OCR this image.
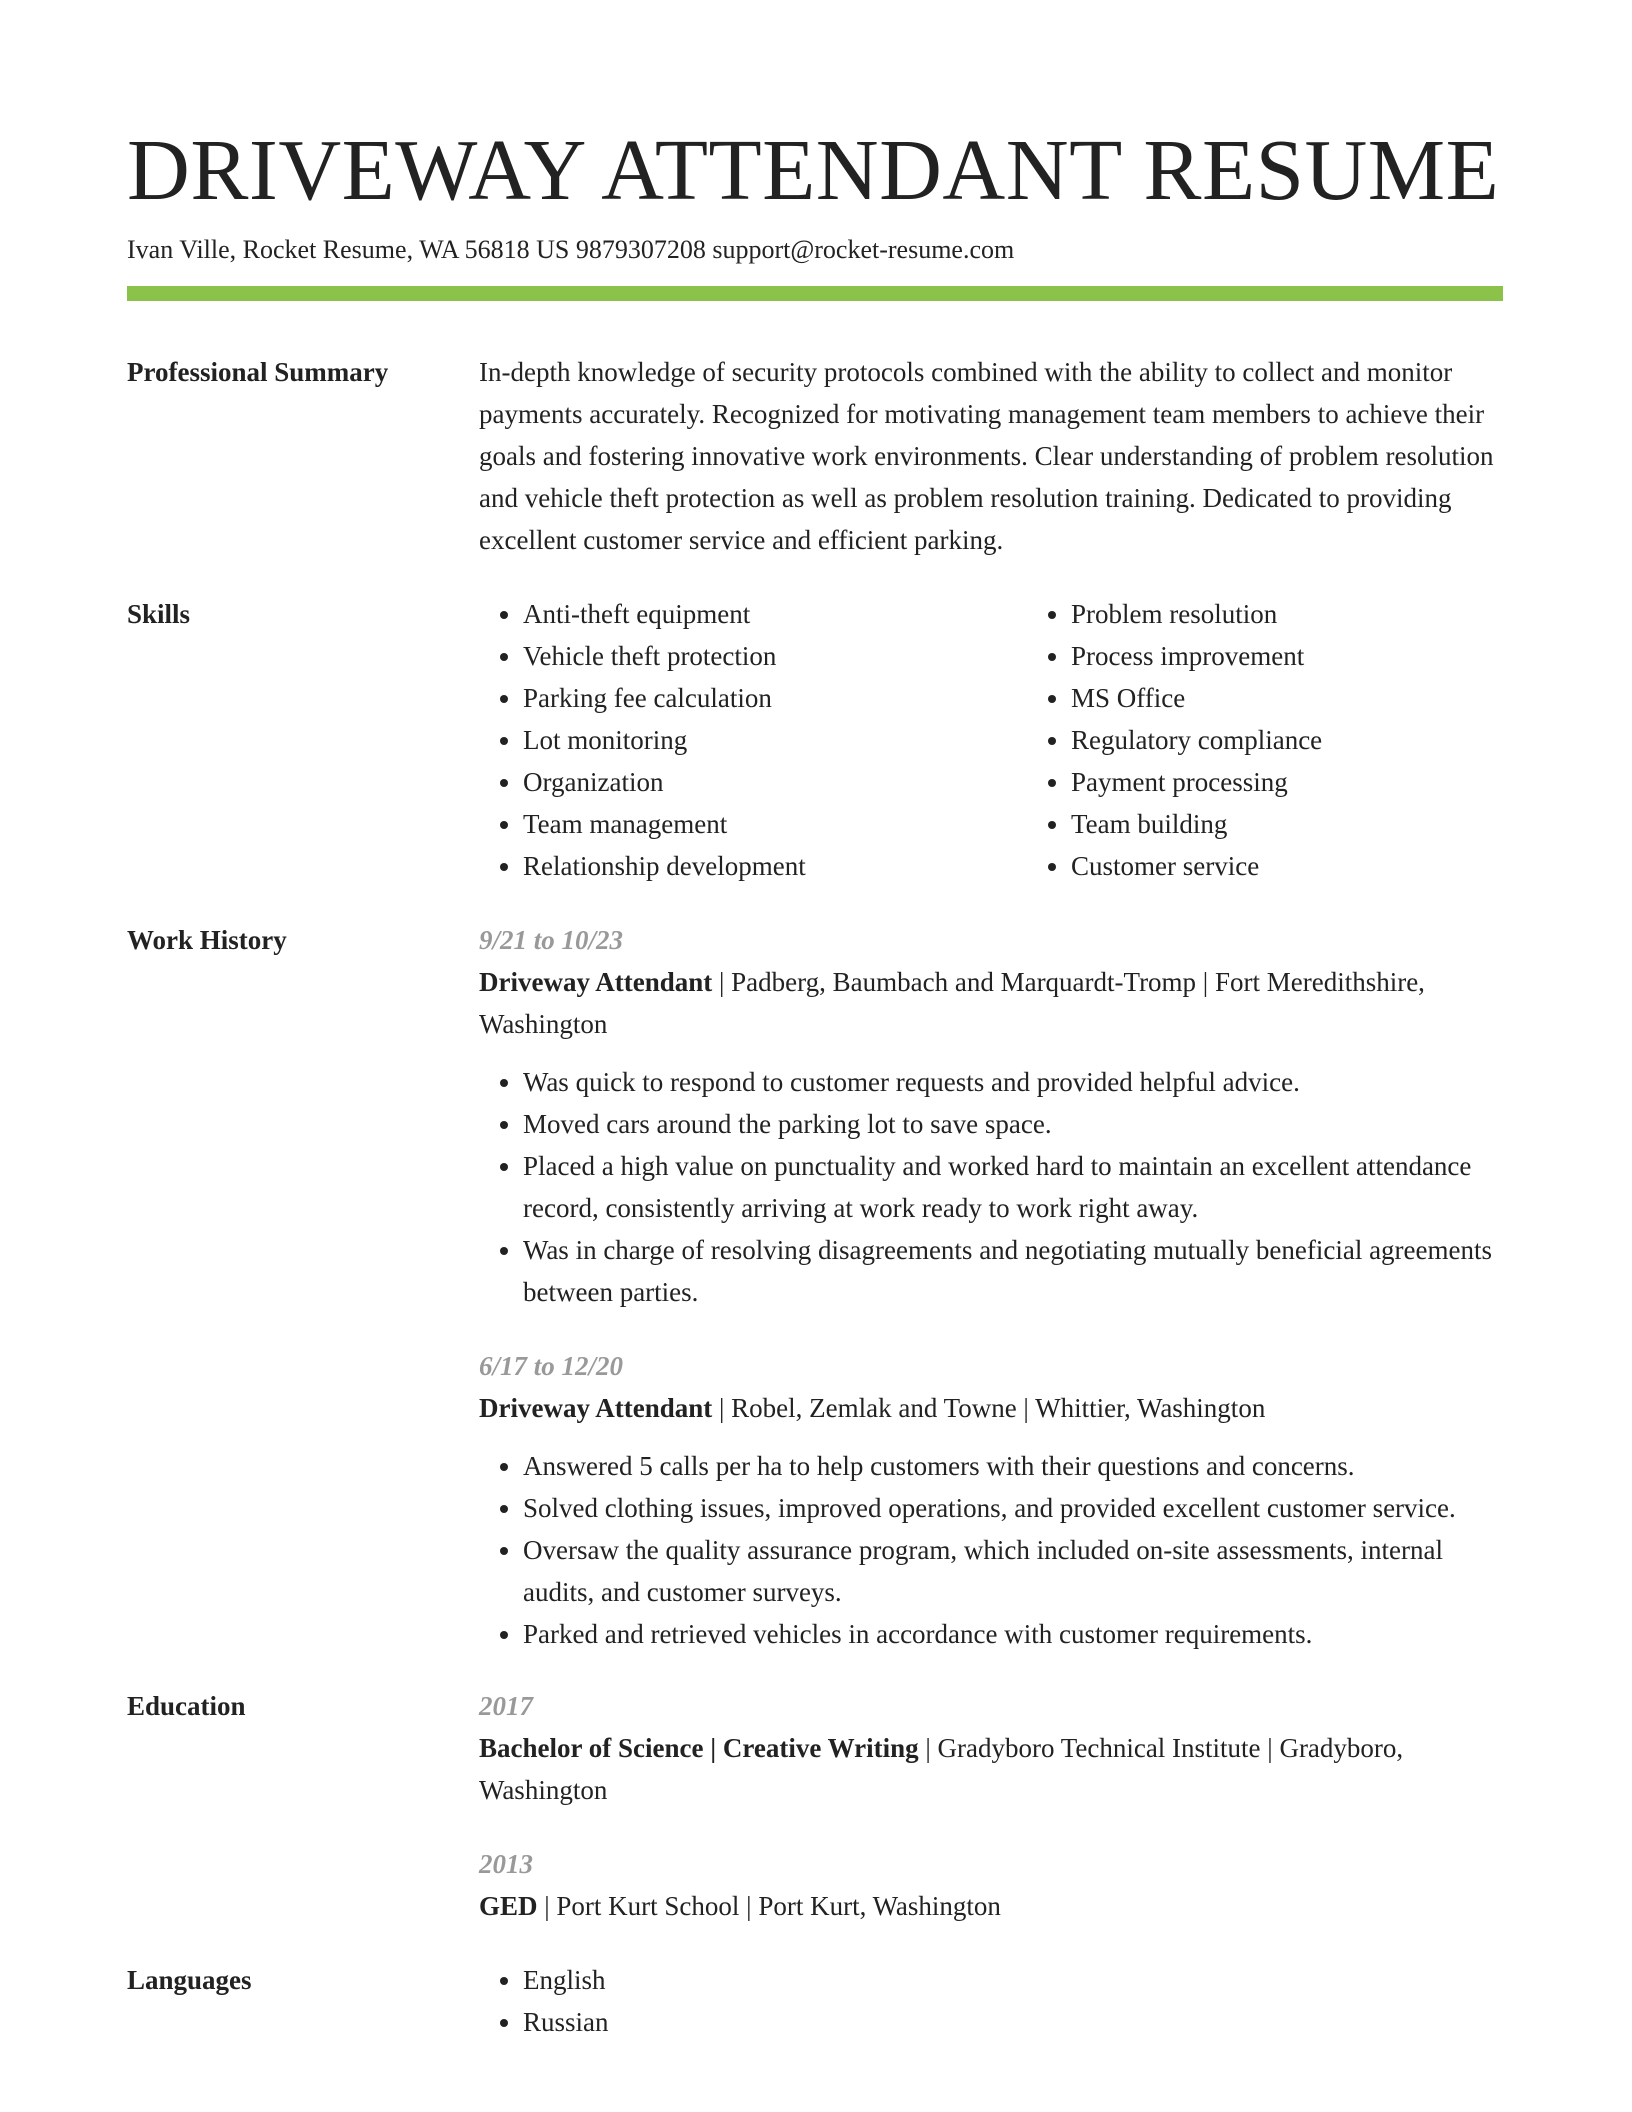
DRIVEWAY ATTENDANT RESUME
Ivan Ville, Rocket Resume, WA 56818 US 9879307208 support@rocket-resume.com
Professional Summary	In-depth knowledge of security protocols combined with the ability to collect and monitor payments accurately. Recognized for motivating management team members to achieve their goals and fostering innovative work environments. Clear understanding of problem resolution and vehicle theft protection as well as problem resolution training. Dedicated to providing excellent customer service and efficient parking.
Skills	• Anti-theft equipment
• Vehicle theft protection
• Parking fee calculation
• Lot monitoring
• Organization
• Team management
• Relationship development
• Problem resolution
• Process improvement
• MS Office
• Regulatory compliance
• Payment processing
• Team building
• Customer service
Work History	9/21 to 10/23
Driveway Attendant | Padberg, Baumbach and Marquardt-Tromp | Fort Meredithshire, Washington
• Was quick to respond to customer requests and provided helpful advice.
• Moved cars around the parking lot to save space.
• Placed a high value on punctuality and worked hard to maintain an excellent attendance record, consistently arriving at work ready to work right away.
• Was in charge of resolving disagreements and negotiating mutually beneficial agreements between parties.
6/17 to 12/20
Driveway Attendant | Robel, Zemlak and Towne | Whittier, Washington
• Answered 5 calls per ha to help customers with their questions and concerns.
• Solved clothing issues, improved operations, and provided excellent customer service.
• Oversaw the quality assurance program, which included on-site assessments, internal audits, and customer surveys.
• Parked and retrieved vehicles in accordance with customer requirements.
Education	2017
Bachelor of Science | Creative Writing | Gradyboro Technical Institute | Gradyboro, Washington
2013
GED | Port Kurt School | Port Kurt, Washington
Languages	• English
• Russian
